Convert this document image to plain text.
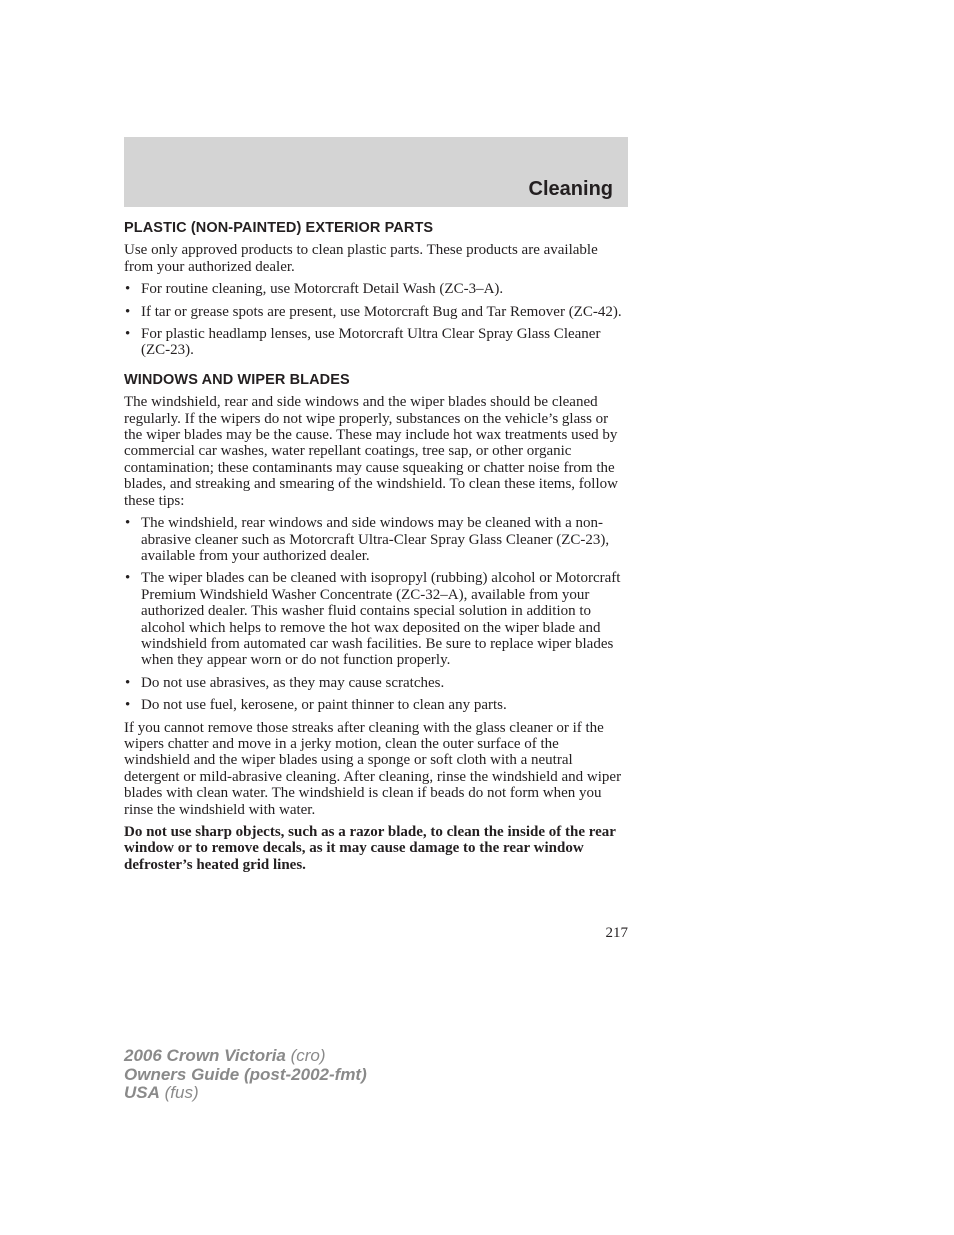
Cleaning
PLASTIC (NON-PAINTED) EXTERIOR PARTS

Use only approved products to clean plastic parts. These products are available from your authorized dealer.

• For routine cleaning, use Motorcraft Detail Wash (ZC-3–A).
• If tar or grease spots are present, use Motorcraft Bug and Tar Remover (ZC-42).
• For plastic headlamp lenses, use Motorcraft Ultra Clear Spray Glass Cleaner (ZC-23).
WINDOWS AND WIPER BLADES

The windshield, rear and side windows and the wiper blades should be cleaned regularly. If the wipers do not wipe properly, substances on the vehicle’s glass or the wiper blades may be the cause. These may include hot wax treatments used by commercial car washes, water repellant coatings, tree sap, or other organic contamination; these contaminants may cause squeaking or chatter noise from the blades, and streaking and smearing of the windshield. To clean these items, follow these tips:

• The windshield, rear windows and side windows may be cleaned with a non-abrasive cleaner such as Motorcraft Ultra-Clear Spray Glass Cleaner (ZC-23), available from your authorized dealer.
• The wiper blades can be cleaned with isopropyl (rubbing) alcohol or Motorcraft Premium Windshield Washer Concentrate (ZC-32–A), available from your authorized dealer. This washer fluid contains special solution in addition to alcohol which helps to remove the hot wax deposited on the wiper blade and windshield from automated car wash facilities. Be sure to replace wiper blades when they appear worn or do not function properly.
• Do not use abrasives, as they may cause scratches.
• Do not use fuel, kerosene, or paint thinner to clean any parts.

If you cannot remove those streaks after cleaning with the glass cleaner or if the wipers chatter and move in a jerky motion, clean the outer surface of the windshield and the wiper blades using a sponge or soft cloth with a neutral detergent or mild-abrasive cleaning. After cleaning, rinse the windshield and wiper blades with clean water. The windshield is clean if beads do not form when you rinse the windshield with water.

Do not use sharp objects, such as a razor blade, to clean the inside of the rear window or to remove decals, as it may cause damage to the rear window defroster’s heated grid lines.

217
2006 Crown Victoria (cro)
Owners Guide (post-2002-fmt)
USA (fus)
